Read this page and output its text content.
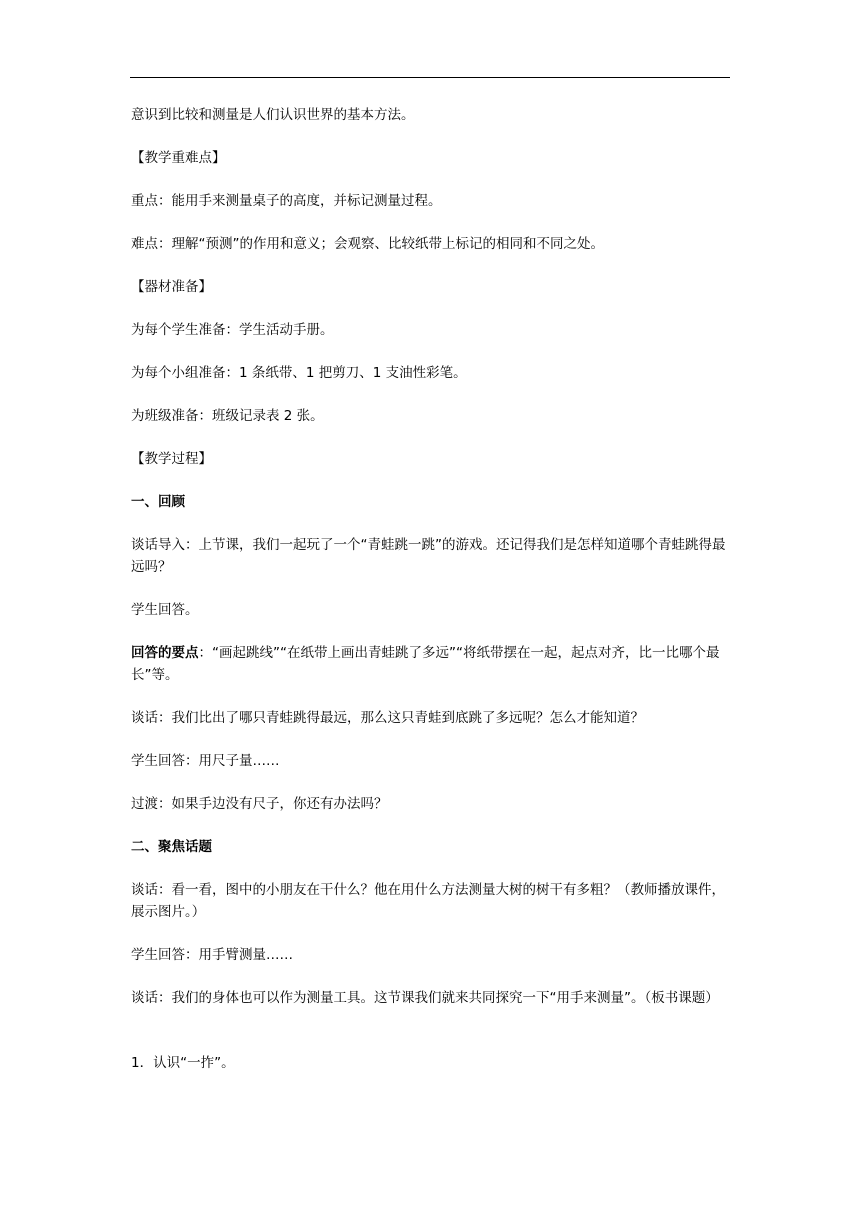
意识到比较和测量是人们认识世界的基本方法。

【教学重难点】

重点：能用手来测量桌子的高度，并标记测量过程。

难点：理解“预测”的作用和意义；会观察、比较纸带上标记的相同和不同之处。

【器材准备】

为每个学生准备：学生活动手册。

为每个小组准备：1 条纸带、1 把剪刀、1 支油性彩笔。

为班级准备：班级记录表 2 张。

【教学过程】

一、回顾

谈话导入：上节课，我们一起玩了一个“青蛙跳一跳”的游戏。还记得我们是怎样知道哪个青蛙跳得最远吗？

学生回答。

回答的要点：“画起跳线”“在纸带上画出青蛙跳了多远”“将纸带摆在一起，起点对齐，比一比哪个最长”等。

谈话：我们比出了哪只青蛙跳得最远，那么这只青蛙到底跳了多远呢？怎么才能知道？

学生回答：用尺子量……

过渡：如果手边没有尺子，你还有办法吗？

二、聚焦话题

谈话：看一看，图中的小朋友在干什么？他在用什么方法测量大树的树干有多粗？（教师播放课件，展示图片。）

学生回答：用手臂测量……

谈话：我们的身体也可以作为测量工具。这节课我们就来共同探究一下“用手来测量”。（板书课题）

1．认识“一拃”。
